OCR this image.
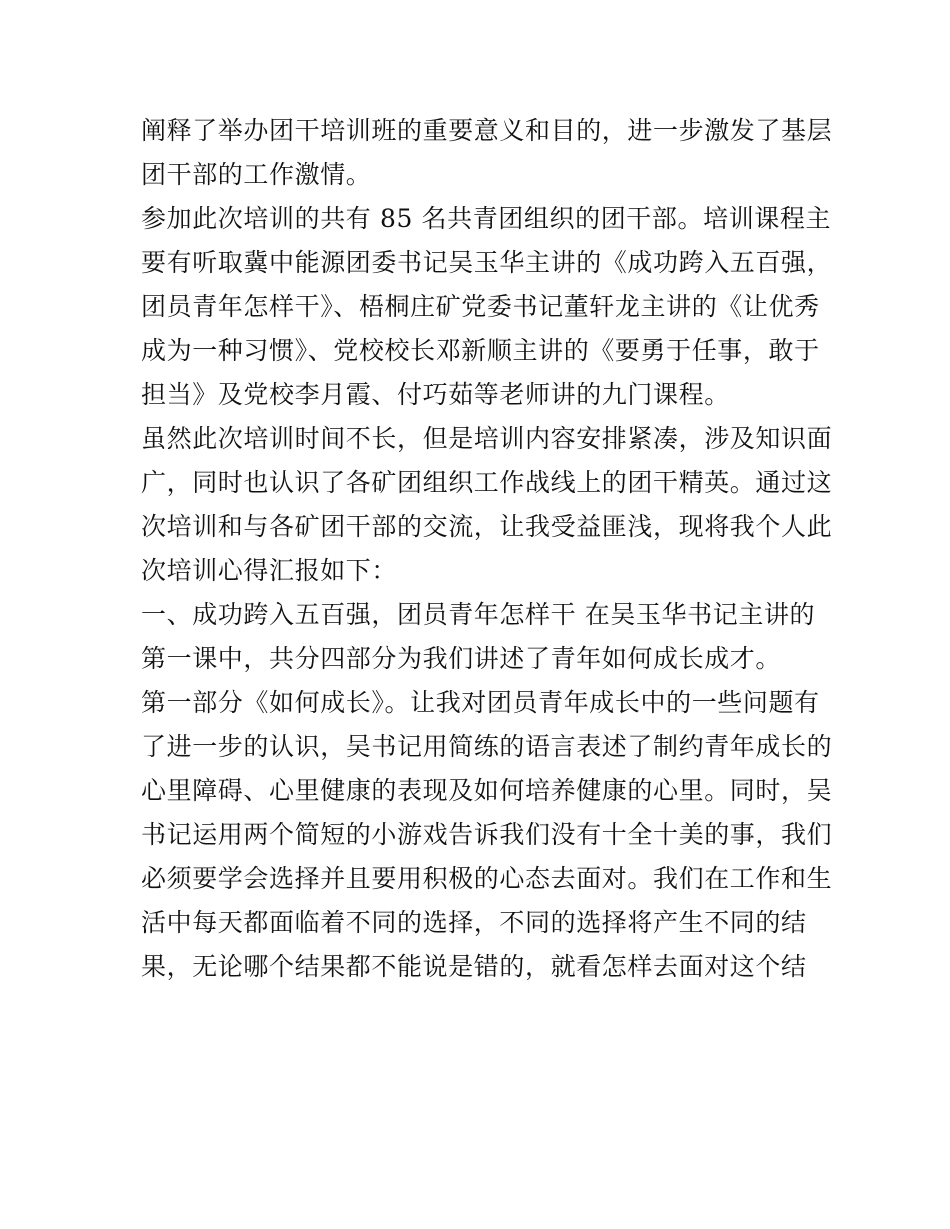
阐释了举办团干培训班的重要意义和目的，进一步激发了基层
团干部的工作激情。
参加此次培训的共有 85 名共青团组织的团干部。培训课程主
要有听取冀中能源团委书记吴玉华主讲的《成功跨入五百强，
团员青年怎样干》、梧桐庄矿党委书记董轩龙主讲的《让优秀
成为一种习惯》、党校校长邓新顺主讲的《要勇于任事，敢于
担当》及党校李月霞、付巧茹等老师讲的九门课程。
虽然此次培训时间不长，但是培训内容安排紧凑，涉及知识面
广，同时也认识了各矿团组织工作战线上的团干精英。通过这
次培训和与各矿团干部的交流，让我受益匪浅，现将我个人此
次培训心得汇报如下：
一、成功跨入五百强，团员青年怎样干 在吴玉华书记主讲的
第一课中，共分四部分为我们讲述了青年如何成长成才。
第一部分《如何成长》。让我对团员青年成长中的一些问题有
了进一步的认识，吴书记用简练的语言表述了制约青年成长的
心里障碍、心里健康的表现及如何培养健康的心里。同时，吴
书记运用两个简短的小游戏告诉我们没有十全十美的事，我们
必须要学会选择并且要用积极的心态去面对。我们在工作和生
活中每天都面临着不同的选择，不同的选择将产生不同的结
果，无论哪个结果都不能说是错的，就看怎样去面对这个结
